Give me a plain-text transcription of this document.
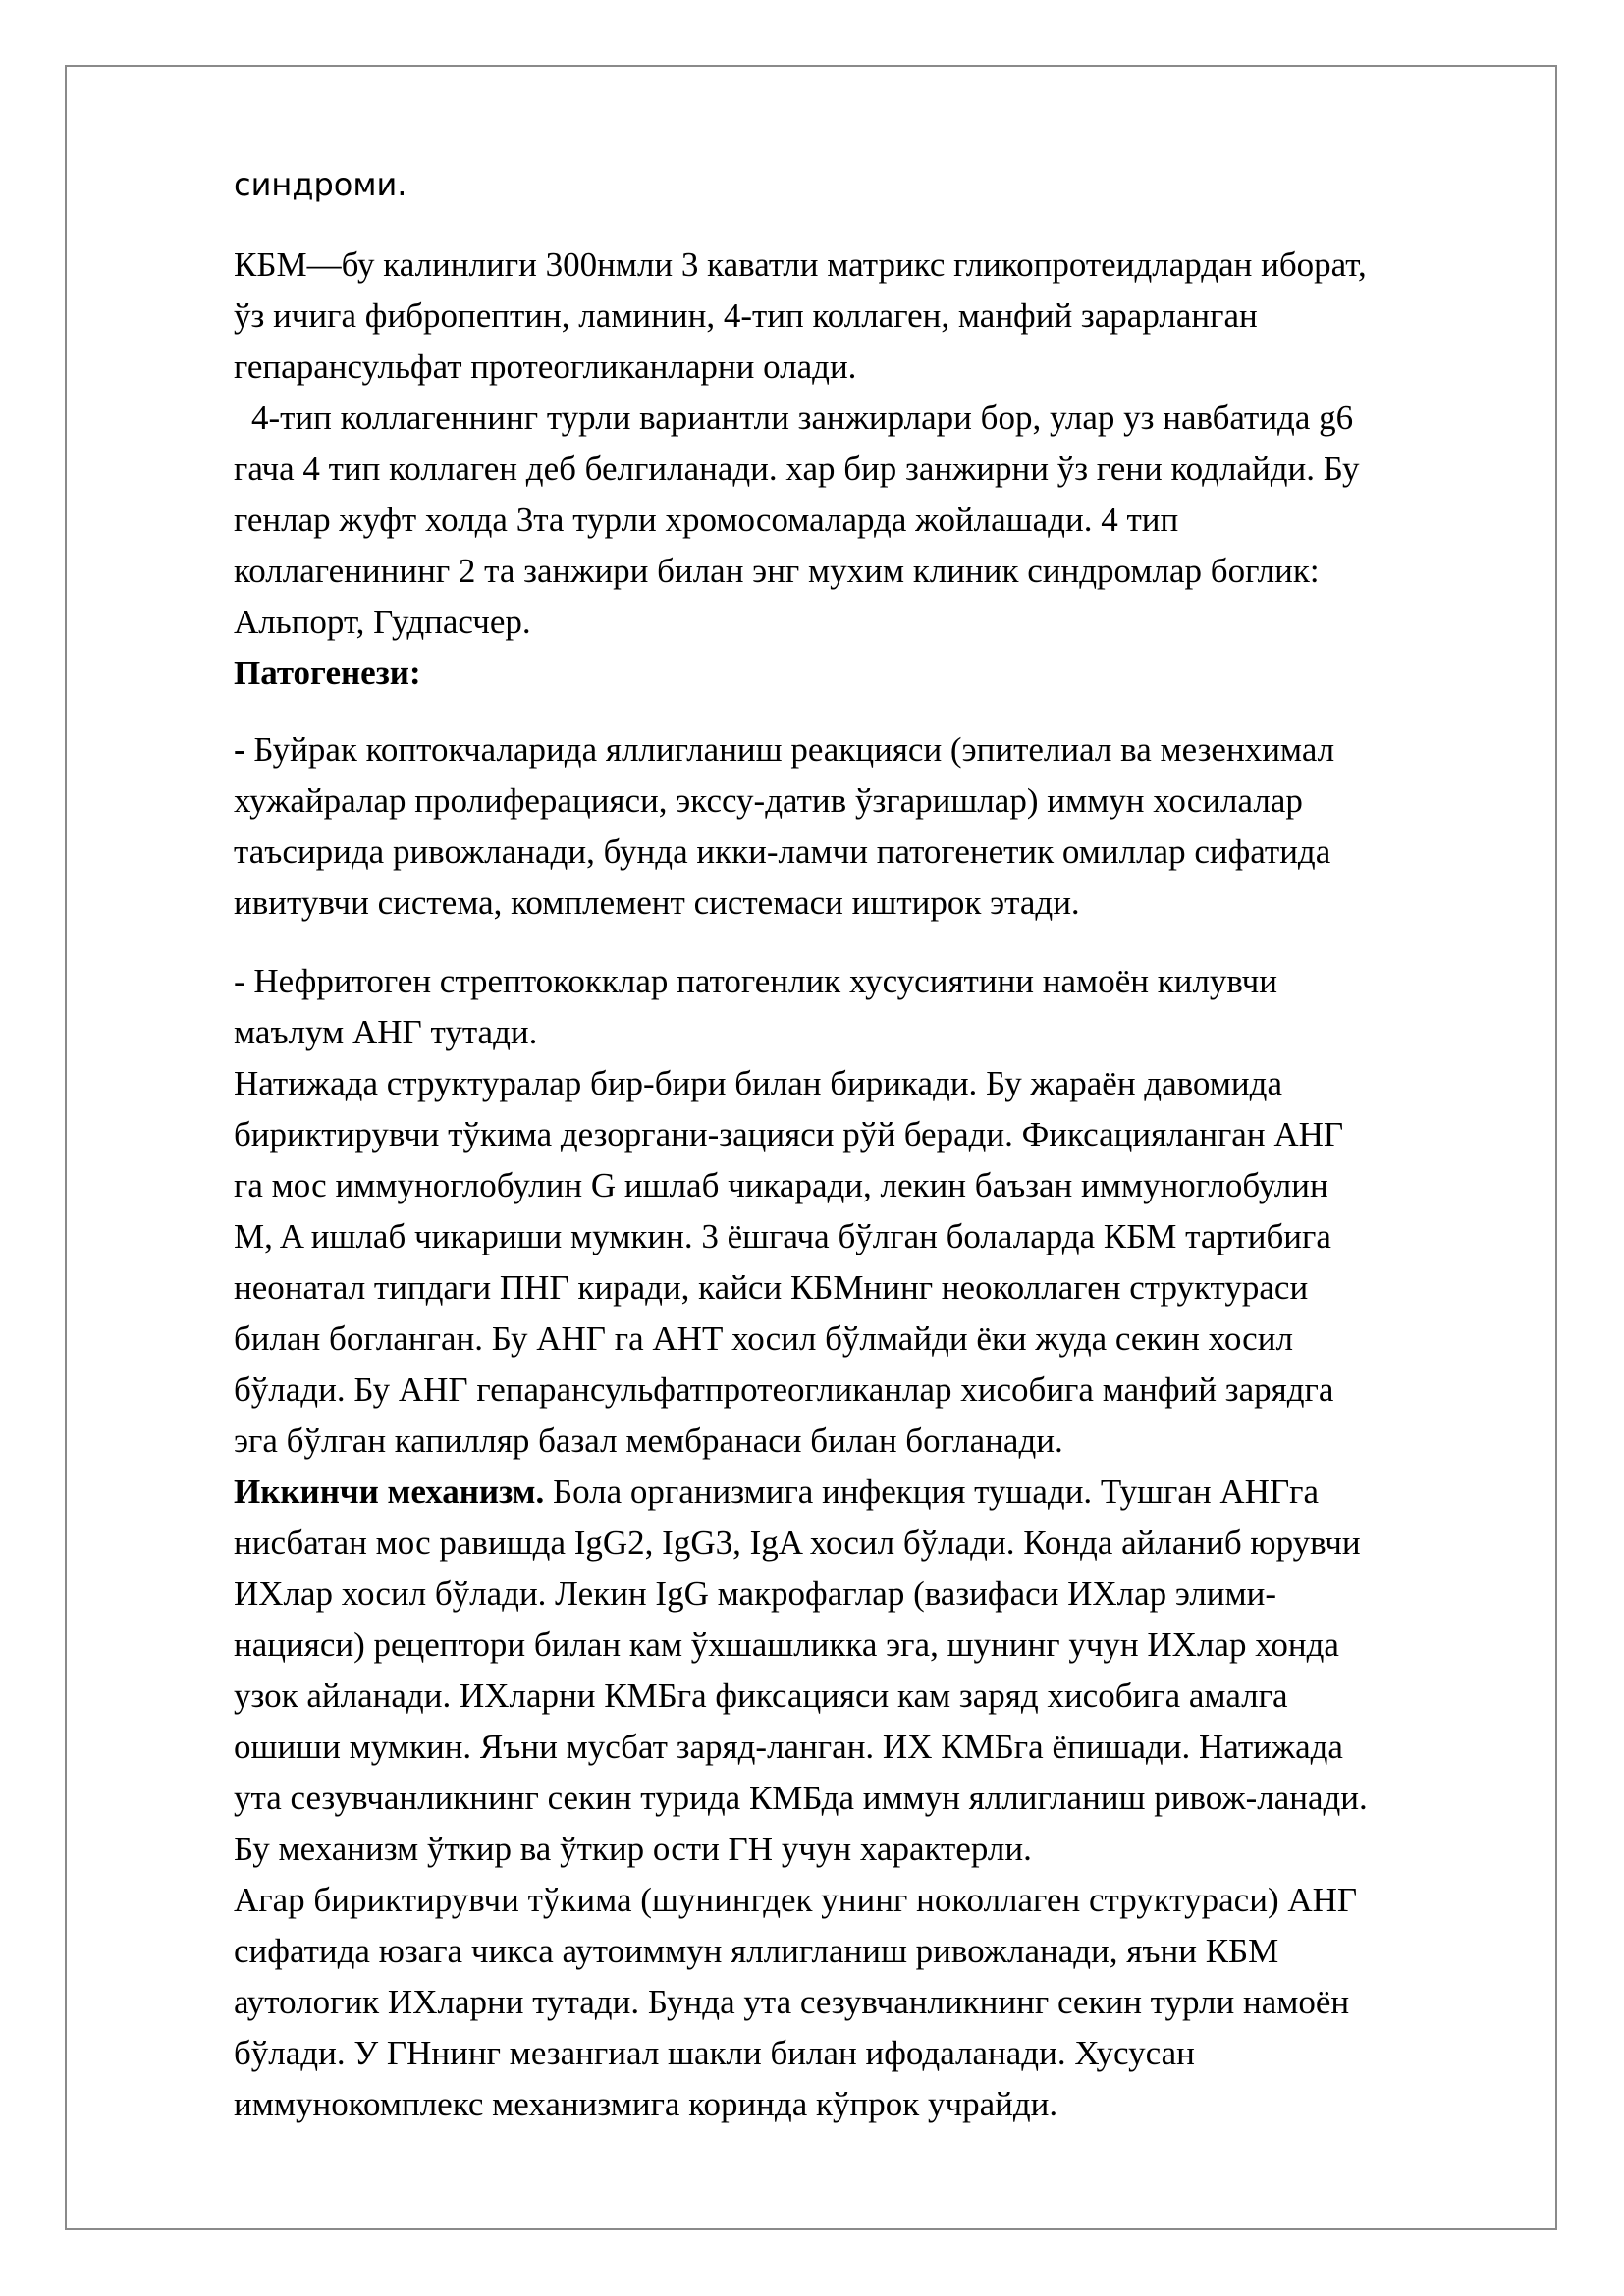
синдроми.
КБМ—бу калинлиги 300нмли 3 каватли матрикс гликопротеидлардан иборат,
ўз ичига фибропептин, ламинин, 4-тип коллаген, манфий зарарланган
гепарансульфат протеогликанларни олади.
4-тип коллагеннинг турли вариантли занжирлари бор, улар уз навбатида g6
гача 4 тип коллаген деб белгиланади. хар бир занжирни ўз гени кодлайди. Бу
генлар жуфт холда 3та турли хромосомаларда жойлашади. 4 тип
коллагенининг 2 та занжири билан энг мухим клиник синдромлар боглик:
Альпорт, Гудпасчер.
Патогенези:
- Буйрак коптокчаларида яллигланиш реакцияси (эпителиал ва мезенхимал
хужайралар пролиферацияси, экссу-датив ўзгаришлар) иммун хосилалар
таъсирида ривожланади, бунда икки-ламчи патогенетик омиллар сифатида
ивитувчи система, комплемент системаси иштирок этади.
- Нефритоген стрептококклар патогенлик хусусиятини намоён килувчи
маълум АНГ тутади.
Натижада структуралар бир-бири билан бирикади. Бу жараён давомида
бириктирувчи тўкима дезоргани-зацияси рўй беради. Фиксацияланган АНГ
га мос иммуноглобулин G ишлаб чикаради, лекин баъзан иммуноглобулин
M, A ишлаб чикариши мумкин. 3 ёшгача бўлган болаларда КБМ тартибига
неонатал типдаги ПНГ киради, кайси КБМнинг неоколлаген структураси
билан богланган. Бу АНГ га АНТ хосил бўлмайди ёки жуда секин хосил
бўлади. Бу АНГ гепарансульфатпротеогликанлар хисобига манфий зарядга
эга бўлган капилляр базал мембранаси билан богланади.
Иккинчи механизм. Бола организмига инфекция тушади. Тушган АНГга
нисбатан мос равишда IgG2, IgG3, IgA хосил бўлади. Конда айланиб юрувчи
ИХлар хосил бўлади. Лекин IgG макрофаглар (вазифаси ИХлар элими-
нацияси) рецептори билан кам ўхшашликка эга, шунинг учун ИХлар хонда
узок айланади. ИХларни КМБга фиксацияси кам заряд хисобига амалга
ошиши мумкин. Яъни мусбат заряд-ланган. ИХ КМБга ёпишади. Натижада
ута сезувчанликнинг секин турида КМБда иммун яллигланиш ривож-ланади.
Бу механизм ўткир ва ўткир ости ГН учун характерли.
Агар бириктирувчи тўкима (шунингдек унинг ноколлаген структураси) АНГ
сифатида юзага чикса аутоиммун яллигланиш ривожланади, яъни КБМ
аутологик ИХларни тутади. Бунда ута сезувчанликнинг секин турли намоён
бўлади. У ГНнинг мезангиал шакли билан ифодаланади. Хусусан
иммунокомплекс механизмига коринда кўпрок учрайди.
